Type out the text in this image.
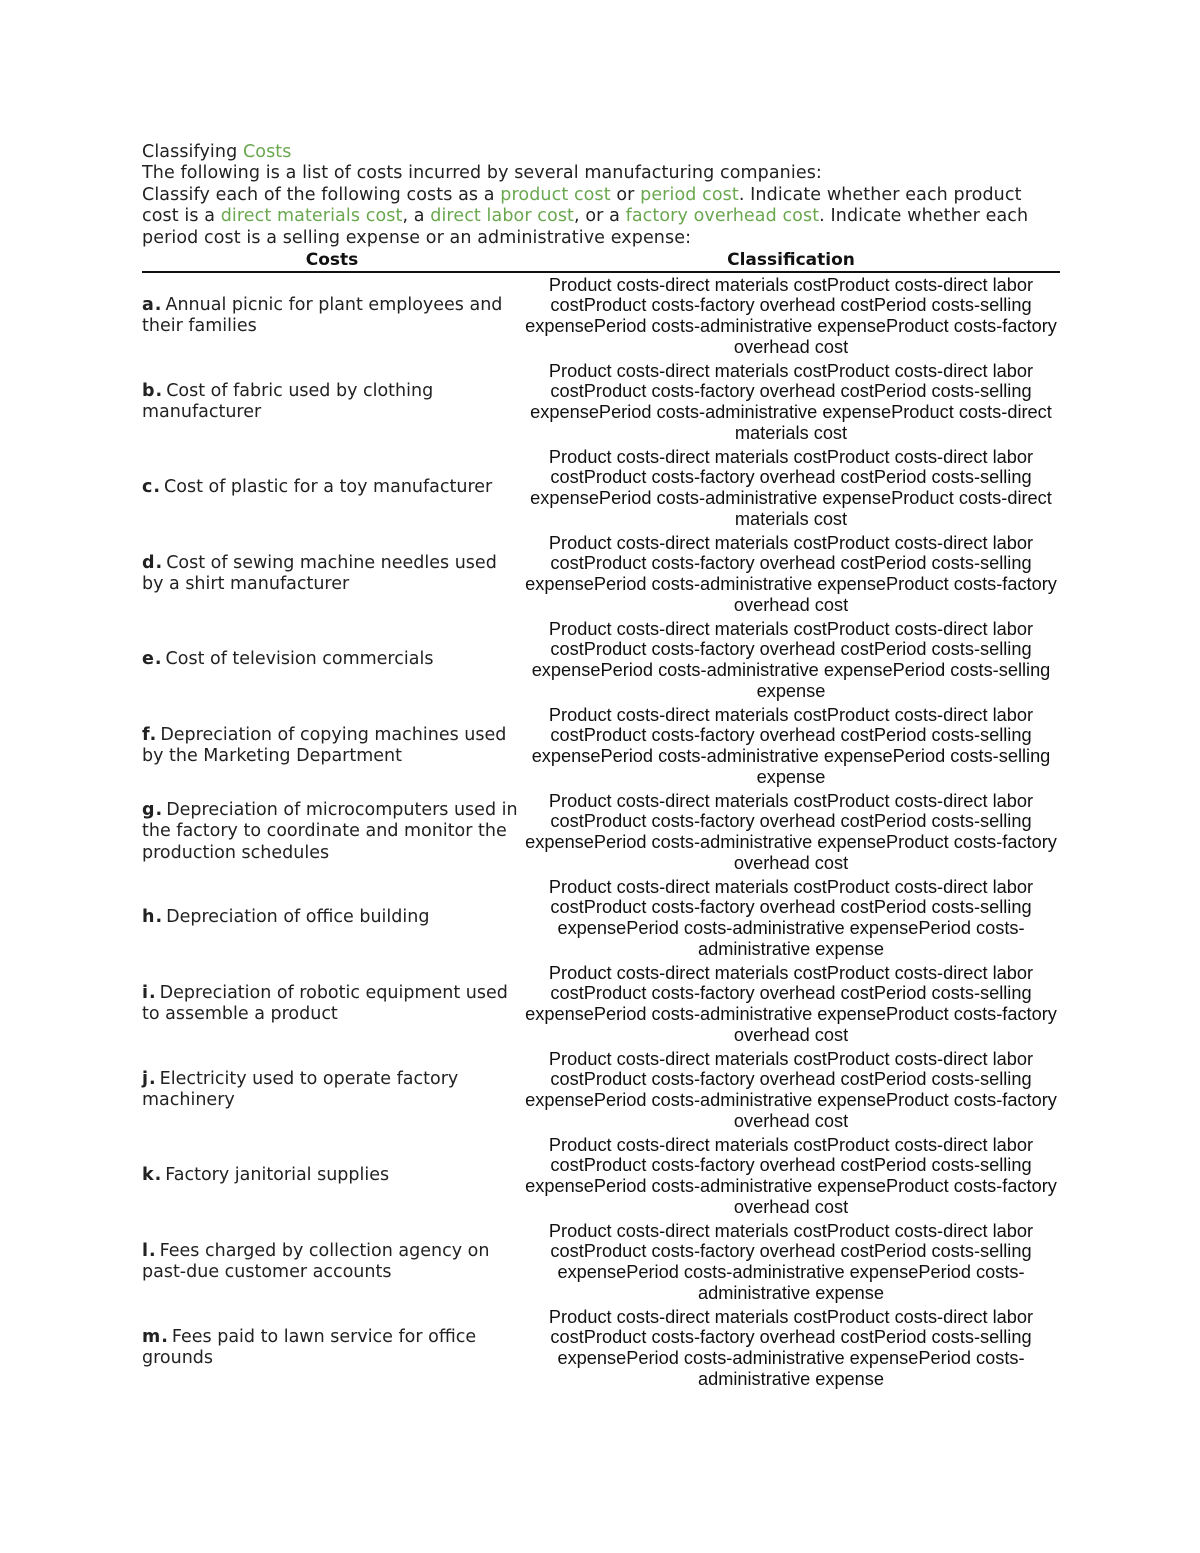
Classifying Costs
The following is a list of costs incurred by several manufacturing companies:
Classify each of the following costs as a product cost or period cost. Indicate whether each product
cost is a direct materials cost, a direct labor cost, or a factory overhead cost. Indicate whether each
period cost is a selling expense or an administrative expense:
Costs	Classification
a. Annual picnic for plant employees and their families	Product costs-direct materials costProduct costs-direct labor costProduct costs-factory overhead costPeriod costs-selling expensePeriod costs-administrative expenseProduct costs-factory overhead cost
b. Cost of fabric used by clothing manufacturer	Product costs-direct materials costProduct costs-direct labor costProduct costs-factory overhead costPeriod costs-selling expensePeriod costs-administrative expenseProduct costs-direct materials cost
c. Cost of plastic for a toy manufacturer	Product costs-direct materials costProduct costs-direct labor costProduct costs-factory overhead costPeriod costs-selling expensePeriod costs-administrative expenseProduct costs-direct materials cost
d. Cost of sewing machine needles used by a shirt manufacturer	Product costs-direct materials costProduct costs-direct labor costProduct costs-factory overhead costPeriod costs-selling expensePeriod costs-administrative expenseProduct costs-factory overhead cost
e. Cost of television commercials	Product costs-direct materials costProduct costs-direct labor costProduct costs-factory overhead costPeriod costs-selling expensePeriod costs-administrative expensePeriod costs-selling expense
f. Depreciation of copying machines used by the Marketing Department	Product costs-direct materials costProduct costs-direct labor costProduct costs-factory overhead costPeriod costs-selling expensePeriod costs-administrative expensePeriod costs-selling expense
g. Depreciation of microcomputers used in the factory to coordinate and monitor the production schedules	Product costs-direct materials costProduct costs-direct labor costProduct costs-factory overhead costPeriod costs-selling expensePeriod costs-administrative expenseProduct costs-factory overhead cost
h. Depreciation of office building	Product costs-direct materials costProduct costs-direct labor costProduct costs-factory overhead costPeriod costs-selling expensePeriod costs-administrative expensePeriod costs-administrative expense
i. Depreciation of robotic equipment used to assemble a product	Product costs-direct materials costProduct costs-direct labor costProduct costs-factory overhead costPeriod costs-selling expensePeriod costs-administrative expenseProduct costs-factory overhead cost
j. Electricity used to operate factory machinery	Product costs-direct materials costProduct costs-direct labor costProduct costs-factory overhead costPeriod costs-selling expensePeriod costs-administrative expenseProduct costs-factory overhead cost
k. Factory janitorial supplies	Product costs-direct materials costProduct costs-direct labor costProduct costs-factory overhead costPeriod costs-selling expensePeriod costs-administrative expenseProduct costs-factory overhead cost
l. Fees charged by collection agency on past-due customer accounts	Product costs-direct materials costProduct costs-direct labor costProduct costs-factory overhead costPeriod costs-selling expensePeriod costs-administrative expensePeriod costs-administrative expense
m. Fees paid to lawn service for office grounds	Product costs-direct materials costProduct costs-direct labor costProduct costs-factory overhead costPeriod costs-selling expensePeriod costs-administrative expensePeriod costs-administrative expense
